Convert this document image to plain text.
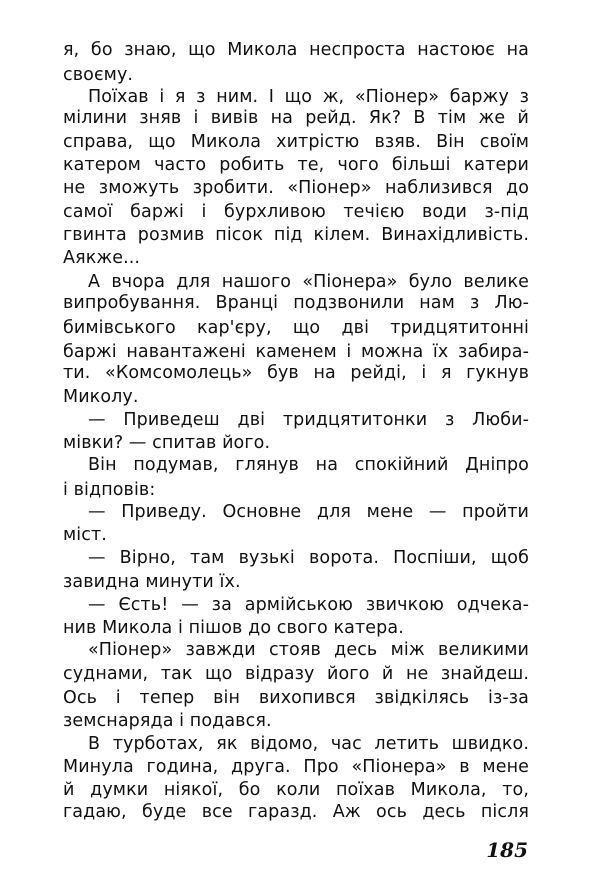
185
я, бо знаю, що Микола неспроста настоює на
своєму.
Поїхав і я з ним. І що ж, «Піонер» баржу з
мілини зняв і вивів на рейд. Як? В тім же й
справа, що Микола хитрістю взяв. Він своїм
катером часто робить те, чого більші катери
не зможуть зробити. «Піонер» наблизився до
самої баржі і бурхливою течією води з-під
гвинта розмив пісок під кілем. Винахідливість.
Аякже...
А вчора для нашого «Піонера» було велике
випробування. Вранці подзвонили нам з Лю-
бимівського кар'єру, що дві тридцятитонні
баржі навантажені каменем і можна їх забира-
ти. «Комсомолець» був на рейді, і я гукнув
Миколу.
— Приведеш дві тридцятитонки з Люби-
мівки? — спитав його.
Він подумав, глянув на спокійний Дніпро
і відповів:
— Приведу. Основне для мене — пройти
міст.
— Вірно, там вузькі ворота. Поспіши, щоб
завидна минути їх.
— Єсть! — за армійською звичкою одчека-
нив Микола і пішов до свого катера.
«Піонер» завжди стояв десь між великими
суднами, так що відразу його й не знайдеш.
Ось і тепер він вихопився звідкілясь із-за
земснаряда і подався.
В турботах, як відомо, час летить швидко.
Минула година, друга. Про «Піонера» в мене
й думки ніякої, бо коли поїхав Микола, то,
гадаю, буде все гаразд. Аж ось десь після
